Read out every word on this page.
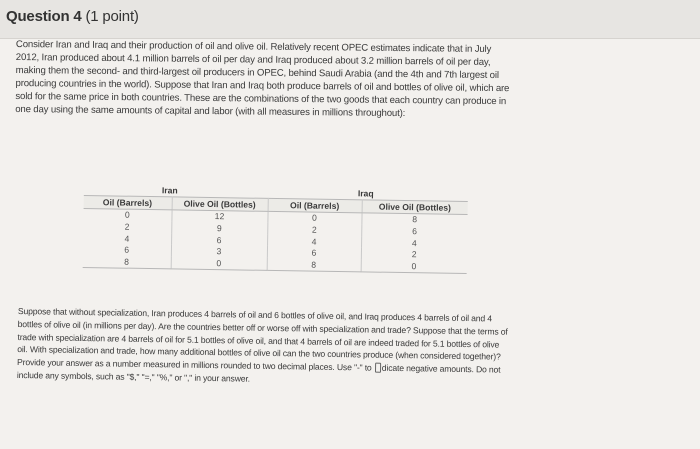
Question 4 (1 point)

Consider Iran and Iraq and their production of oil and olive oil. Relatively recent OPEC estimates indicate that in July 2012, Iran produced about 4.1 million barrels of oil per day and Iraq produced about 3.2 million barrels of oil per day, making them the second- and third-largest oil producers in OPEC, behind Saudi Arabia (and the 4th and 7th largest oil producing countries in the world). Suppose that Iran and Iraq both produce barrels of oil and bottles of olive oil, which are sold for the same price in both countries. These are the combinations of the two goods that each country can produce in one day using the same amounts of capital and labor (with all measures in millions throughout):

Iran		Iraq	
Oil (Barrels)	Olive Oil (Bottles)	Oil (Barrels)	Olive Oil (Bottles)
0	12	0	8
2	9	2	6
4	6	4	4
6	3	6	2
8	0	8	0

Suppose that without specialization, Iran produces 4 barrels of oil and 6 bottles of olive oil, and Iraq produces 4 barrels of oil and 4 bottles of olive oil (in millions per day). Are the countries better off or worse off with specialization and trade? Suppose that the terms of trade with specialization are 4 barrels of oil for 5.1 bottles of olive oil, and that 4 barrels of oil are indeed traded for 5.1 bottles of olive oil. With specialization and trade, how many additional bottles of olive oil can the two countries produce (when considered together)? Provide your answer as a number measured in millions rounded to two decimal places. Use "-" to dicate negative amounts. Do not include any symbols, such as "$," "=," "%," or "," in your answer.
